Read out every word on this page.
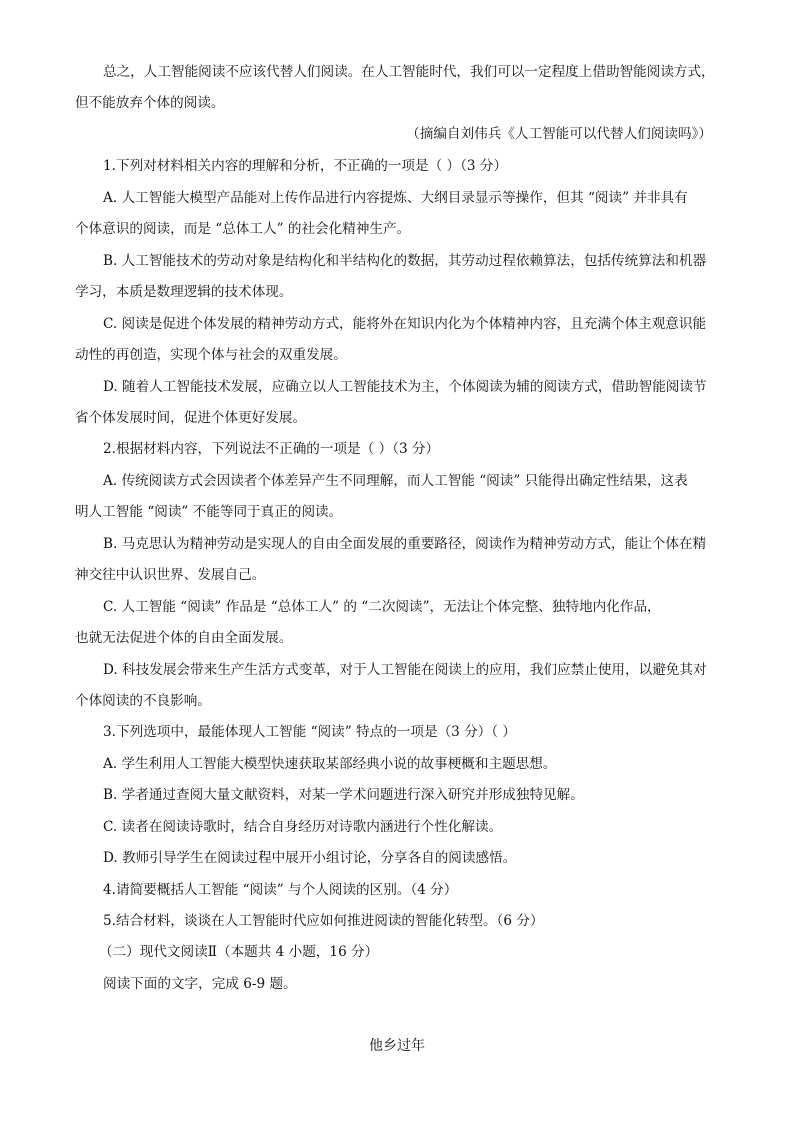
总之，人工智能阅读不应该代替人们阅读。在人工智能时代，我们可以一定程度上借助智能阅读方式，
但不能放弃个体的阅读。
（摘编自刘伟兵《人工智能可以代替人们阅读吗》）
1.下列对材料相关内容的理解和分析，不正确的一项是（ ）（3 分）
A. 人工智能大模型产品能对上传作品进行内容提炼、大纲目录显示等操作，但其 “阅读” 并非具有
个体意识的阅读，而是 “总体工人” 的社会化精神生产。
B. 人工智能技术的劳动对象是结构化和半结构化的数据，其劳动过程依赖算法，包括传统算法和机器
学习，本质是数理逻辑的技术体现。
C. 阅读是促进个体发展的精神劳动方式，能将外在知识内化为个体精神内容，且充满个体主观意识能
动性的再创造，实现个体与社会的双重发展。
D. 随着人工智能技术发展，应确立以人工智能技术为主，个体阅读为辅的阅读方式，借助智能阅读节
省个体发展时间，促进个体更好发展。
2.根据材料内容，下列说法不正确的一项是（ ）（3 分）
A. 传统阅读方式会因读者个体差异产生不同理解，而人工智能 “阅读” 只能得出确定性结果，这表
明人工智能 “阅读” 不能等同于真正的阅读。
B. 马克思认为精神劳动是实现人的自由全面发展的重要路径，阅读作为精神劳动方式，能让个体在精
神交往中认识世界、发展自己。
C. 人工智能 “阅读” 作品是 “总体工人” 的 “二次阅读”，无法让个体完整、独特地内化作品，
也就无法促进个体的自由全面发展。
D. 科技发展会带来生产生活方式变革，对于人工智能在阅读上的应用，我们应禁止使用，以避免其对
个体阅读的不良影响。
3.下列选项中，最能体现人工智能 “阅读” 特点的一项是（3 分）（ ）
A. 学生利用人工智能大模型快速获取某部经典小说的故事梗概和主题思想。
B. 学者通过查阅大量文献资料，对某一学术问题进行深入研究并形成独特见解。
C. 读者在阅读诗歌时，结合自身经历对诗歌内涵进行个性化解读。
D. 教师引导学生在阅读过程中展开小组讨论，分享各自的阅读感悟。
4.请简要概括人工智能 “阅读” 与个人阅读的区别。（4 分）
5.结合材料，谈谈在人工智能时代应如何推进阅读的智能化转型。（6 分）
（二）现代文阅读Ⅱ（本题共 4 小题，16 分）
阅读下面的文字，完成 6-9 题。
他乡过年
